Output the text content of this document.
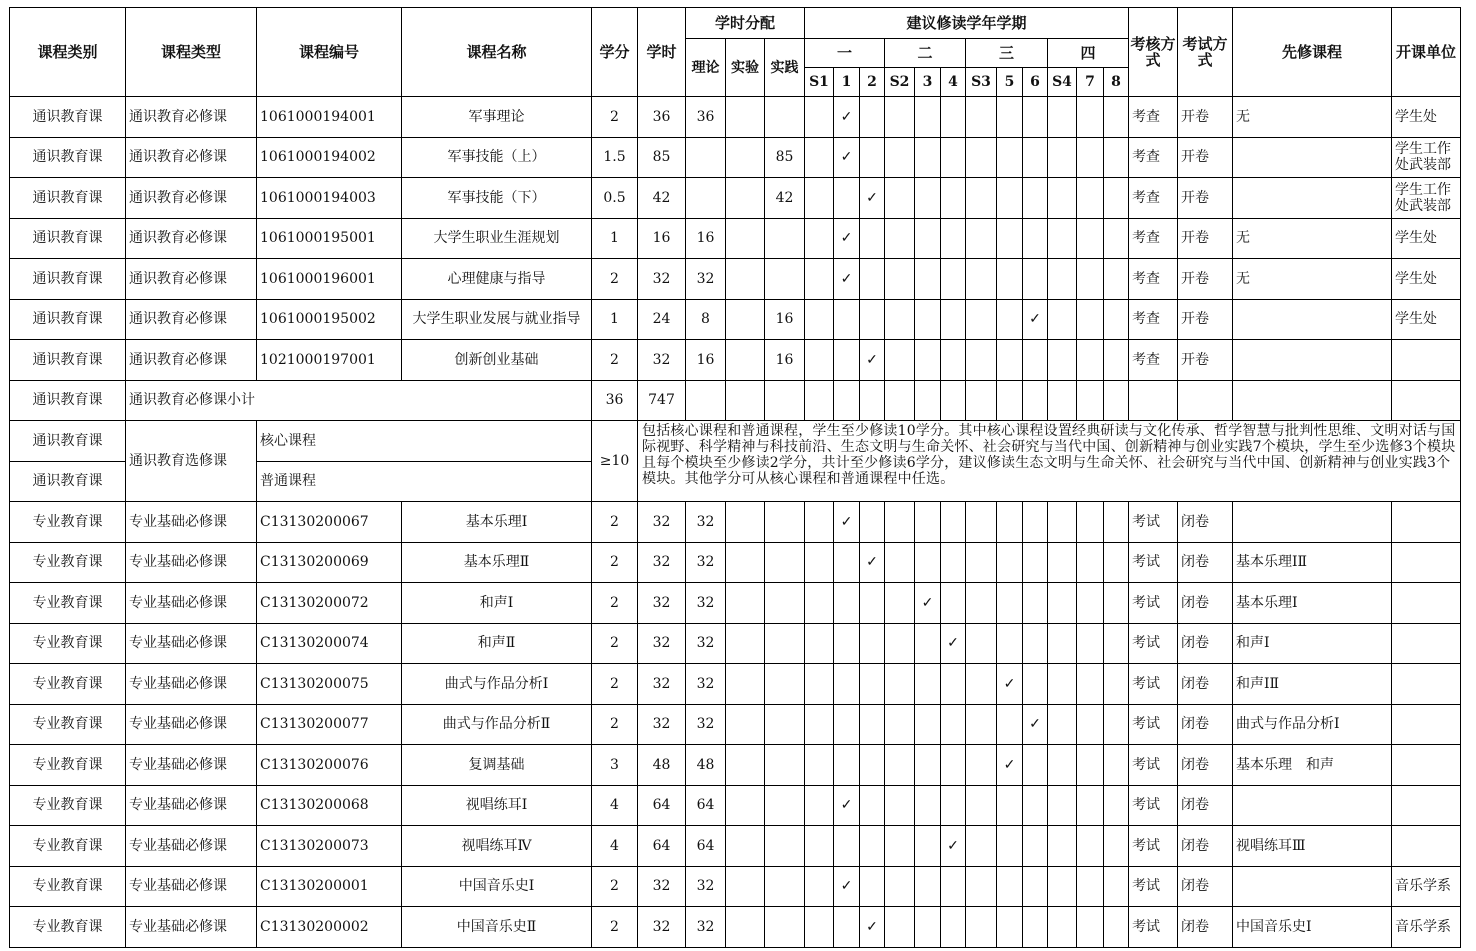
课程类别	课程类型	课程编号	课程名称	学分	学时	学时分配			建议修读学年学期												考核方式	考试方式	先修课程	开课单位
						理论	实验	实践	一			二			三			四						
									S1	1	2	S2	3	4	S3	5	6	S4	7	8				
通识教育课	通识教育必修课	1061000194001	军事理论	2	36	36				✓											考查	开卷	无	学生处
通识教育课	通识教育必修课	1061000194002	军事技能（上）	1.5	85			85		✓											考查	开卷		学生工作处武装部
通识教育课	通识教育必修课	1061000194003	军事技能（下）	0.5	42			42			✓										考查	开卷		学生工作处武装部
通识教育课	通识教育必修课	1061000195001	大学生职业生涯规划	1	16	16				✓											考查	开卷	无	学生处
通识教育课	通识教育必修课	1061000196001	心理健康与指导	2	32	32				✓											考查	开卷	无	学生处
通识教育课	通识教育必修课	1061000195002	大学生职业发展与就业指导	1	24	8		16									✓				考查	开卷		学生处
通识教育课	通识教育必修课	1021000197001	创新创业基础	2	32	16		16			✓										考查	开卷		
通识教育课	通识教育必修课小计			36	747																			
通识教育课	通识教育选修课	核心课程		≥10	包括核心课程和普通课程，学生至少修读10学分。其中核心课程设置经典研读与文化传承、哲学智慧与批判性思维、文明对话与国际视野、科学精神与科技前沿、生态文明与生命关怀、社会研究与当代中国、创新精神与创业实践7个模块，学生至少选修3个模块且每个模块至少修读2学分，共计至少修读6学分，建议修读生态文明与生命关怀、社会研究与当代中国、创新精神与创业实践3个模块。其他学分可从核心课程和普通课程中任选。																			
通识教育课		普通课程																						
专业教育课	专业基础必修课	C13130200067	基本乐理Ⅰ	2	32	32				✓											考试	闭卷		
专业教育课	专业基础必修课	C13130200069	基本乐理Ⅱ	2	32	32					✓										考试	闭卷	基本乐理ⅠⅡ	
专业教育课	专业基础必修课	C13130200072	和声Ⅰ	2	32	32							✓								考试	闭卷	基本乐理Ⅰ	
专业教育课	专业基础必修课	C13130200074	和声Ⅱ	2	32	32								✓							考试	闭卷	和声Ⅰ	
专业教育课	专业基础必修课	C13130200075	曲式与作品分析Ⅰ	2	32	32										✓					考试	闭卷	和声ⅠⅡ	
专业教育课	专业基础必修课	C13130200077	曲式与作品分析Ⅱ	2	32	32											✓				考试	闭卷	曲式与作品分析Ⅰ	
专业教育课	专业基础必修课	C13130200076	复调基础	3	48	48										✓					考试	闭卷	基本乐理　和声	
专业教育课	专业基础必修课	C13130200068	视唱练耳Ⅰ	4	64	64				✓											考试	闭卷		
专业教育课	专业基础必修课	C13130200073	视唱练耳Ⅳ	4	64	64								✓							考试	闭卷	视唱练耳Ⅲ	
专业教育课	专业基础必修课	C13130200001	中国音乐史Ⅰ	2	32	32				✓											考试	闭卷		音乐学系
专业教育课	专业基础必修课	C13130200002	中国音乐史Ⅱ	2	32	32					✓										考试	闭卷	中国音乐史Ⅰ	音乐学系
